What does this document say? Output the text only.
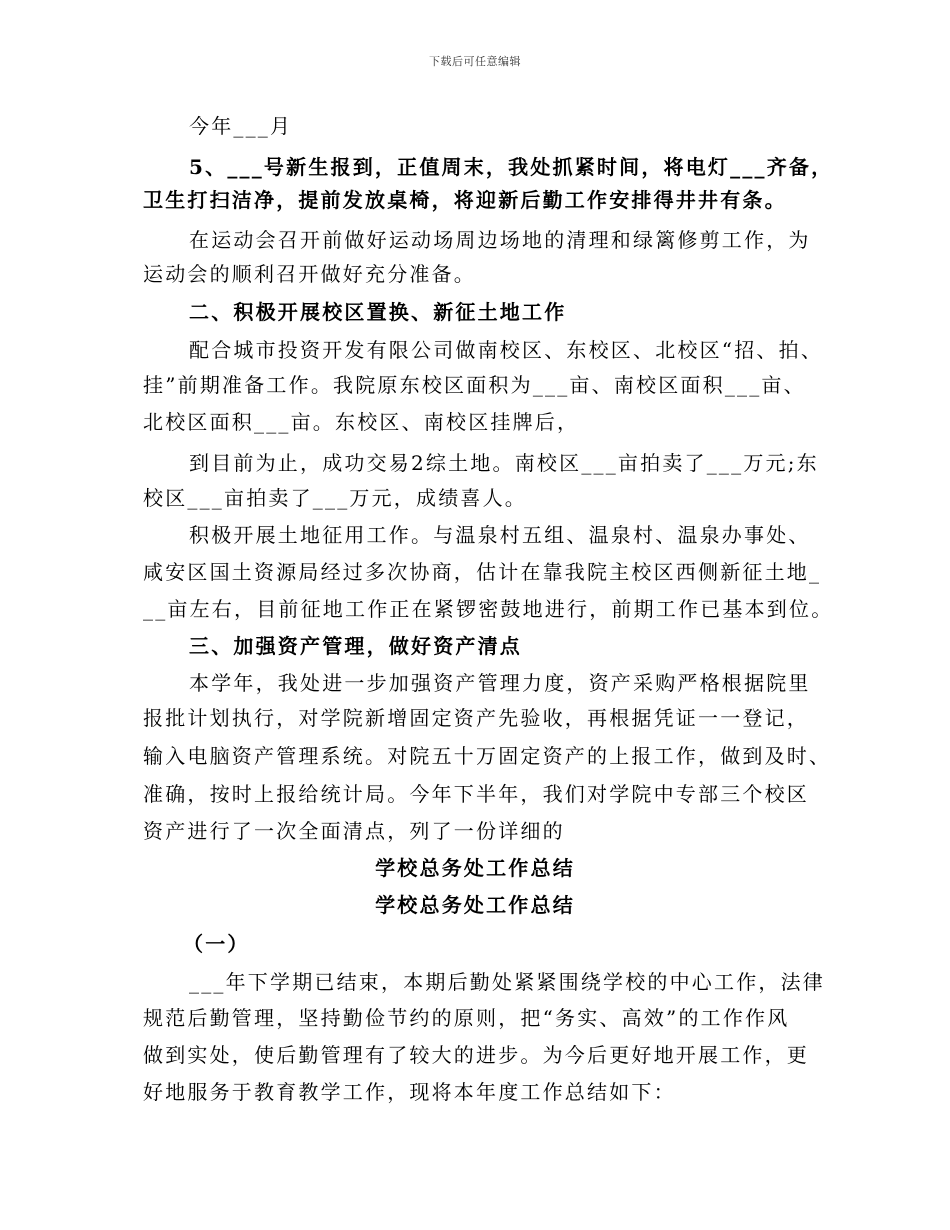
下载后可任意编辑
今年___月
5、___号新生报到，正值周末，我处抓紧时间，将电灯___齐备，
卫生打扫洁净，提前发放桌椅，将迎新后勤工作安排得井井有条。
在运动会召开前做好运动场周边场地的清理和绿篱修剪工作，为
运动会的顺利召开做好充分准备。
二、积极开展校区置换、新征土地工作
配合城市投资开发有限公司做南校区、东校区、北校区“招、拍、
挂”前期准备工作。我院原东校区面积为___亩、南校区面积___亩、
北校区面积___亩。东校区、南校区挂牌后，
到目前为止，成功交易2综土地。南校区___亩拍卖了___万元;东
校区___亩拍卖了___万元，成绩喜人。
积极开展土地征用工作。与温泉村五组、温泉村、温泉办事处、
咸安区国土资源局经过多次协商，估计在靠我院主校区西侧新征土地_
__亩左右，目前征地工作正在紧锣密鼓地进行，前期工作已基本到位。
三、加强资产管理，做好资产清点
本学年，我处进一步加强资产管理力度，资产采购严格根据院里
报批计划执行，对学院新增固定资产先验收，再根据凭证一一登记，
输入电脑资产管理系统。对院五十万固定资产的上报工作，做到及时、
准确，按时上报给统计局。今年下半年，我们对学院中专部三个校区
资产进行了一次全面清点，列了一份详细的
学校总务处工作总结
学校总务处工作总结
（一）
___年下学期已结束，本期后勤处紧紧围绕学校的中心工作，法律
规范后勤管理，坚持勤俭节约的原则，把“务实、高效”的工作作风
做到实处，使后勤管理有了较大的进步。为今后更好地开展工作，更
好地服务于教育教学工作，现将本年度工作总结如下：
